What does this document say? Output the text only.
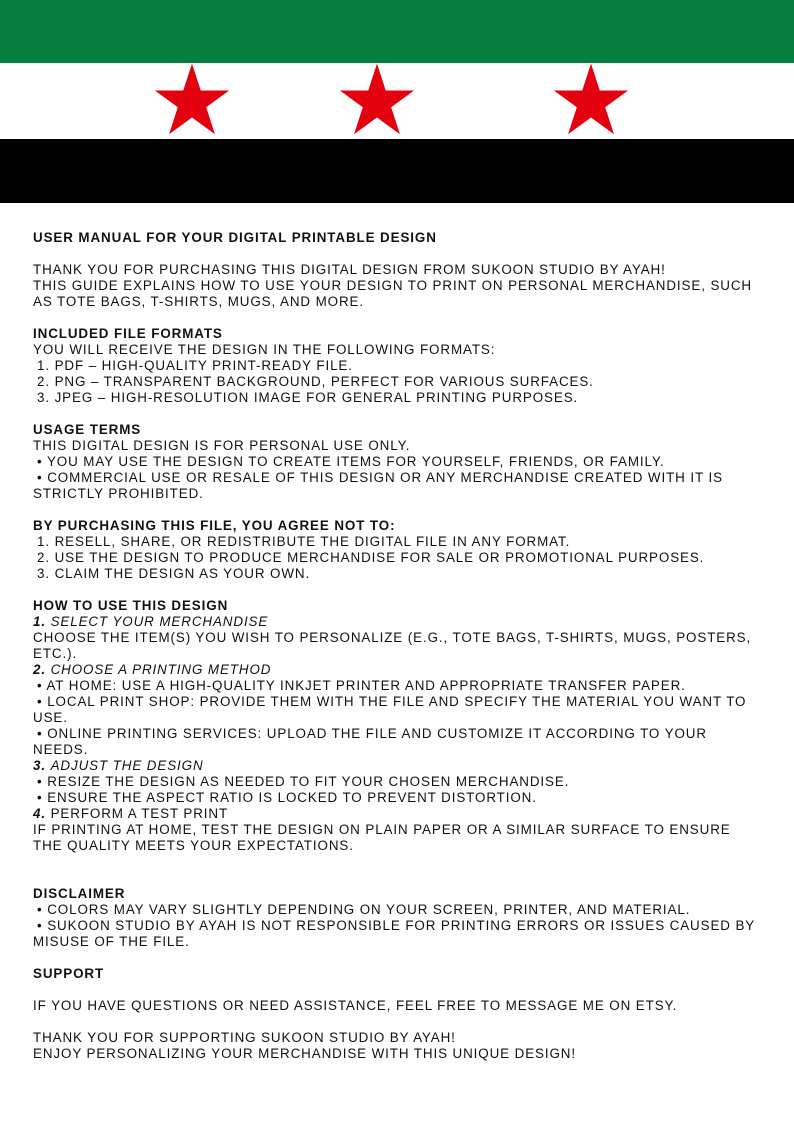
USER MANUAL FOR YOUR DIGITAL PRINTABLE DESIGN

THANK YOU FOR PURCHASING THIS DIGITAL DESIGN FROM SUKOON STUDIO BY AYAH!

THIS GUIDE EXPLAINS HOW TO USE YOUR DESIGN TO PRINT ON PERSONAL MERCHANDISE, SUCH

AS TOTE BAGS, T-SHIRTS, MUGS, AND MORE.

INCLUDED FILE FORMATS

YOU WILL RECEIVE THE DESIGN IN THE FOLLOWING FORMATS:

1. PDF – HIGH-QUALITY PRINT-READY FILE.

2. PNG – TRANSPARENT BACKGROUND, PERFECT FOR VARIOUS SURFACES.

3. JPEG – HIGH-RESOLUTION IMAGE FOR GENERAL PRINTING PURPOSES.

USAGE TERMS

THIS DIGITAL DESIGN IS FOR PERSONAL USE ONLY.

• YOU MAY USE THE DESIGN TO CREATE ITEMS FOR YOURSELF, FRIENDS, OR FAMILY.

• COMMERCIAL USE OR RESALE OF THIS DESIGN OR ANY MERCHANDISE CREATED WITH IT IS

STRICTLY PROHIBITED.

BY PURCHASING THIS FILE, YOU AGREE NOT TO:

1. RESELL, SHARE, OR REDISTRIBUTE THE DIGITAL FILE IN ANY FORMAT.

2. USE THE DESIGN TO PRODUCE MERCHANDISE FOR SALE OR PROMOTIONAL PURPOSES.

3. CLAIM THE DESIGN AS YOUR OWN.

HOW TO USE THIS DESIGN

1. SELECT YOUR MERCHANDISE

CHOOSE THE ITEM(S) YOU WISH TO PERSONALIZE (E.G., TOTE BAGS, T-SHIRTS, MUGS, POSTERS,

ETC.).

2. CHOOSE A PRINTING METHOD

• AT HOME: USE A HIGH-QUALITY INKJET PRINTER AND APPROPRIATE TRANSFER PAPER.

• LOCAL PRINT SHOP: PROVIDE THEM WITH THE FILE AND SPECIFY THE MATERIAL YOU WANT TO

USE.

• ONLINE PRINTING SERVICES: UPLOAD THE FILE AND CUSTOMIZE IT ACCORDING TO YOUR

NEEDS.

3. ADJUST THE DESIGN

• RESIZE THE DESIGN AS NEEDED TO FIT YOUR CHOSEN MERCHANDISE.

• ENSURE THE ASPECT RATIO IS LOCKED TO PREVENT DISTORTION.

4. PERFORM A TEST PRINT

IF PRINTING AT HOME, TEST THE DESIGN ON PLAIN PAPER OR A SIMILAR SURFACE TO ENSURE

THE QUALITY MEETS YOUR EXPECTATIONS.

DISCLAIMER

• COLORS MAY VARY SLIGHTLY DEPENDING ON YOUR SCREEN, PRINTER, AND MATERIAL.

• SUKOON STUDIO BY AYAH IS NOT RESPONSIBLE FOR PRINTING ERRORS OR ISSUES CAUSED BY

MISUSE OF THE FILE.

SUPPORT

IF YOU HAVE QUESTIONS OR NEED ASSISTANCE, FEEL FREE TO MESSAGE ME ON ETSY.

THANK YOU FOR SUPPORTING SUKOON STUDIO BY AYAH!

ENJOY PERSONALIZING YOUR MERCHANDISE WITH THIS UNIQUE DESIGN!
